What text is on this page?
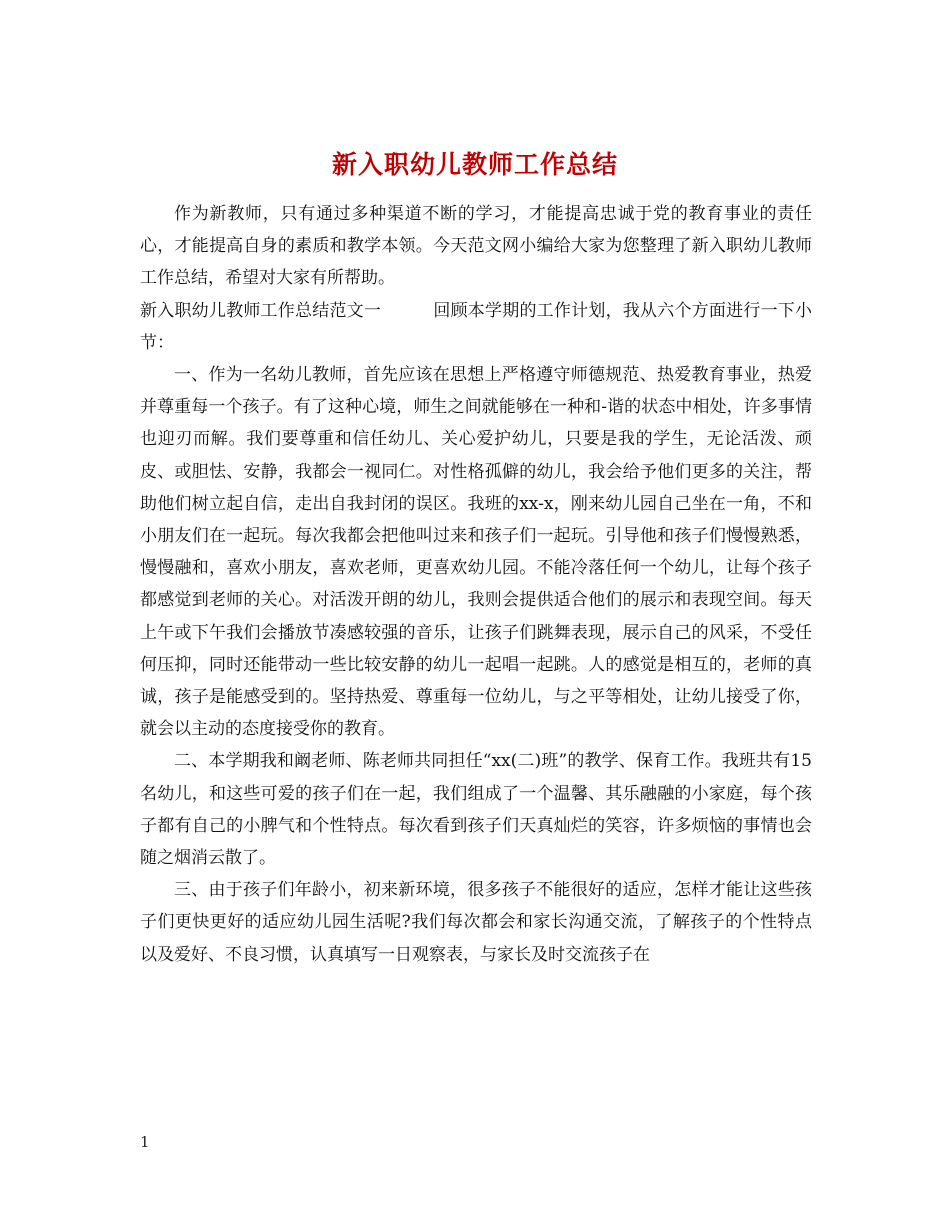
新入职幼儿教师工作总结

作为新教师，只有通过多种渠道不断的学习，才能提高忠诚于党的教育事业的责任心，才能提高自身的素质和教学本领。今天范文网小编给大家为您整理了新入职幼儿教师工作总结，希望对大家有所帮助。

新入职幼儿教师工作总结范文一	回顾本学期的工作计划，我从六个方面进行一下小节：

一、作为一名幼儿教师，首先应该在思想上严格遵守师德规范、热爱教育事业，热爱并尊重每一个孩子。有了这种心境，师生之间就能够在一种和-谐的状态中相处，许多事情也迎刃而解。我们要尊重和信任幼儿、关心爱护幼儿，只要是我的学生，无论活泼、顽皮、或胆怯、安静，我都会一视同仁。对性格孤僻的幼儿，我会给予他们更多的关注，帮助他们树立起自信，走出自我封闭的误区。我班的xx-x，刚来幼儿园自己坐在一角，不和小朋友们在一起玩。每次我都会把他叫过来和孩子们一起玩。引导他和孩子们慢慢熟悉，慢慢融和，喜欢小朋友，喜欢老师，更喜欢幼儿园。不能冷落任何一个幼儿，让每个孩子都感觉到老师的关心。对活泼开朗的幼儿，我则会提供适合他们的展示和表现空间。每天上午或下午我们会播放节凑感较强的音乐，让孩子们跳舞表现，展示自己的风采，不受任何压抑，同时还能带动一些比较安静的幼儿一起唱一起跳。人的感觉是相互的，老师的真诚，孩子是能感受到的。坚持热爱、尊重每一位幼儿，与之平等相处，让幼儿接受了你，就会以主动的态度接受你的教育。

二、本学期我和阚老师、陈老师共同担任“xx(二)班”的教学、保育工作。我班共有15名幼儿，和这些可爱的孩子们在一起，我们组成了一个温馨、其乐融融的小家庭，每个孩子都有自己的小脾气和个性特点。每次看到孩子们天真灿烂的笑容，许多烦恼的事情也会随之烟消云散了。

三、由于孩子们年龄小，初来新环境，很多孩子不能很好的适应，怎样才能让这些孩子们更快更好的适应幼儿园生活呢?我们每次都会和家长沟通交流，了解孩子的个性特点以及爱好、不良习惯，认真填写一日观察表，与家长及时交流孩子在

1
